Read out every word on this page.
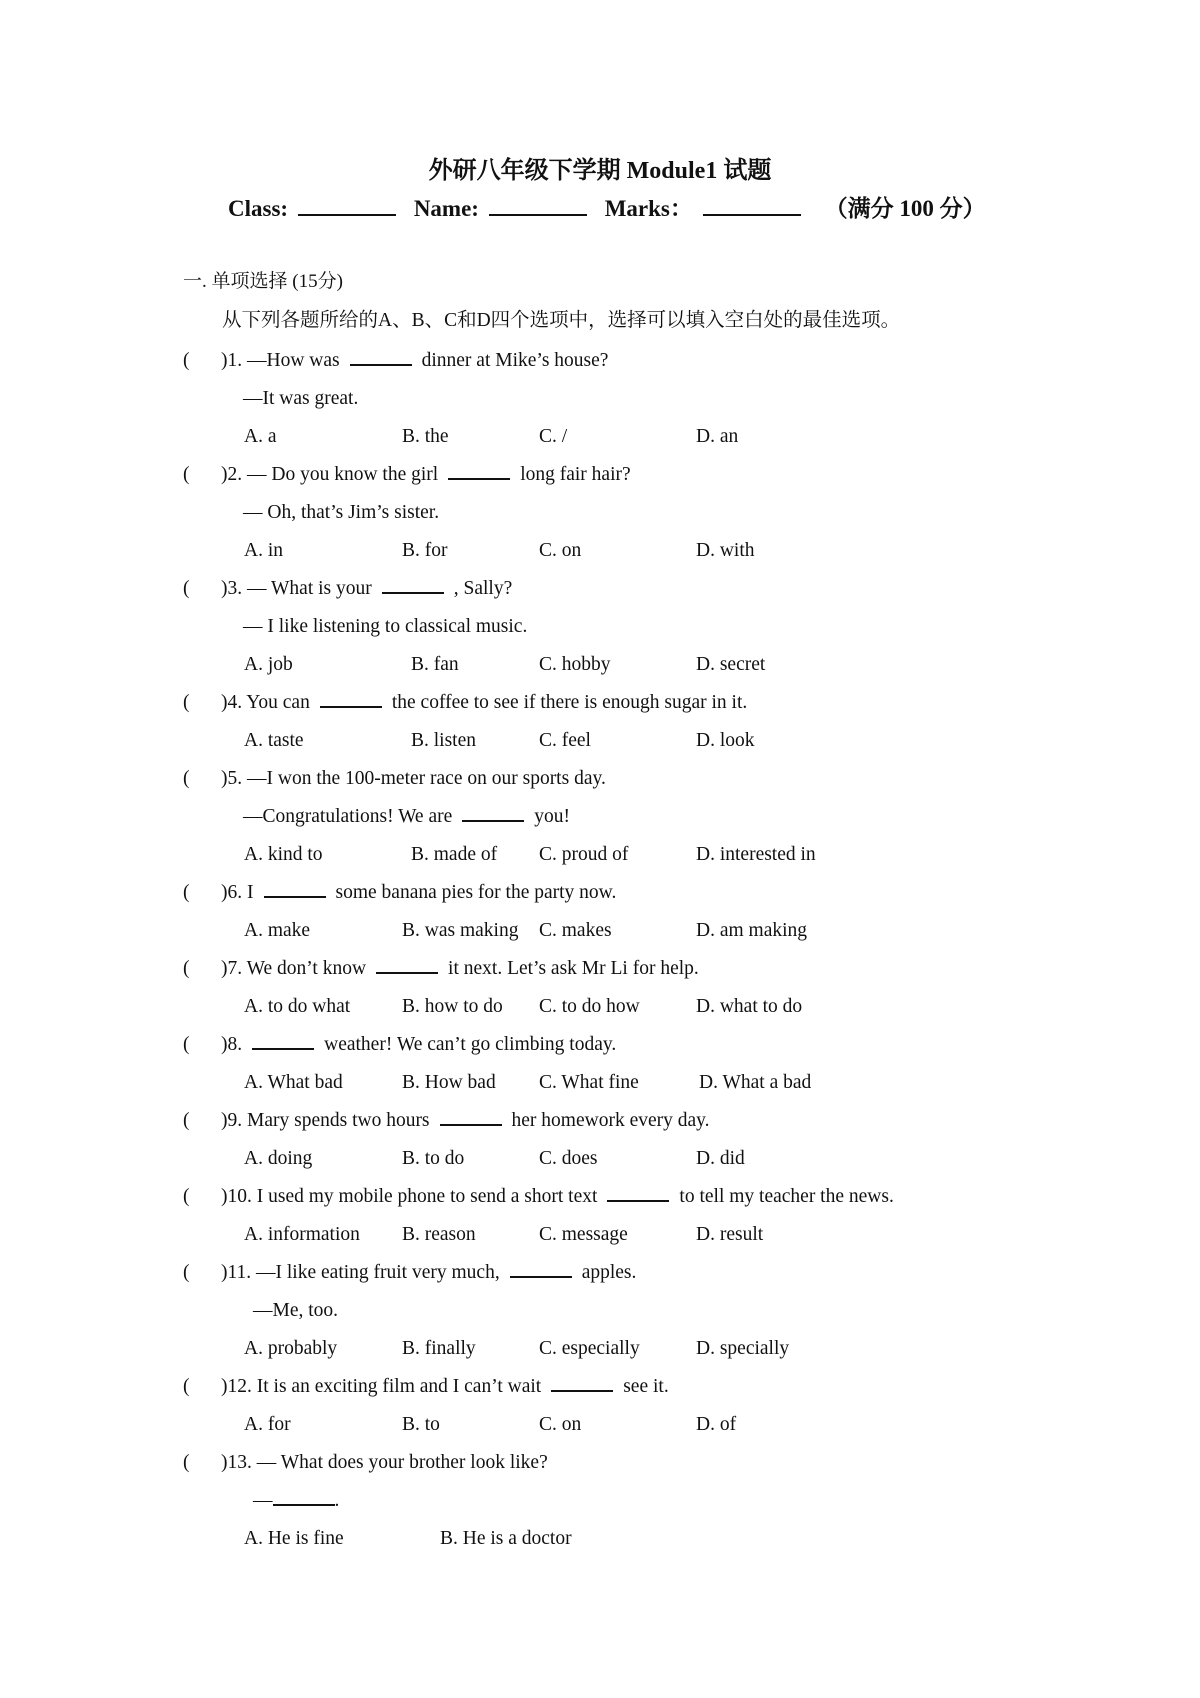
外研八年级下学期 Module1 试题
Class:	Name:	Marks：	（满分 100 分）
一. 单项选择 (15分)
从下列各题所给的A、B、C和D四个选项中，选择可以填入空白处的最佳选项。
( )1. —How was	dinner at Mike’s house?
—It was great.
A. a	B. the	C. /	D. an
( )2. — Do you know the girl	long fair hair?
— Oh, that’s Jim’s sister.
A. in	B. for	C. on	D. with
( )3. — What is your	, Sally?
— I like listening to classical music.
A. job	B. fan	C. hobby	D. secret
( )4. You can	the coffee to see if there is enough sugar in it.
A. taste	B. listen	C. feel	D. look
( )5. —I won the 100-meter race on our sports day.
—Congratulations! We are	you!
A. kind to	B. made of C. proud of	D. interested in
( )6. I	some banana pies for the party now.
A. make	B. was making C. makes	D. am making
( )7. We don’t know	it next. Let’s ask Mr Li for help.
A. to do what	B. how to do C. to do how	D. what to do
( )8.	weather! We can’t go climbing today.
A. What bad	B. How bad C. What fine	D. What a bad
( )9. Mary spends two hours	her homework every day.
A. doing	B. to do	C. does	D. did
( )10. I used my mobile phone to send a short text	to tell my teacher the news.
A. information B. reason	C. message	D. result
( )11. —I like eating fruit very much,	apples.
—Me, too.
A. probably	B. finally	C. especially	D. specially
( )12. It is an exciting film and I can’t wait	see it.
A. for	B. to	C. on	D. of
( )13. — What does your brother look like?
—	.
A. He is fine	B. He is a doctor
